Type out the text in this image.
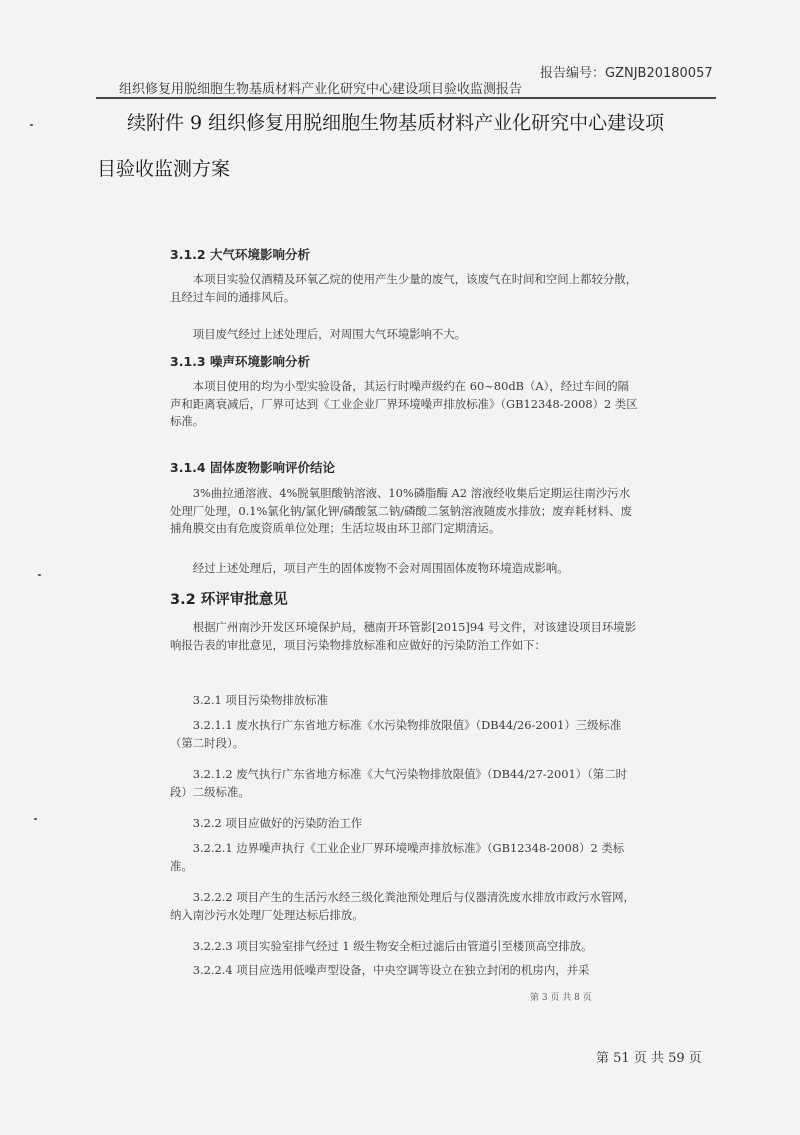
报告编号：GZNJB20180057
组织修复用脱细胞生物基质材料产业化研究中心建设项目验收监测报告
续附件 9 组织修复用脱细胞生物基质材料产业化研究中心建设项
目验收监测方案
3.1.2 大气环境影响分析
本项目实验仅酒精及环氧乙烷的使用产生少量的废气，该废气在时间和空间上都较分散，且经过车间的通排风后。
项目废气经过上述处理后，对周围大气环境影响不大。
3.1.3 噪声环境影响分析
本项目使用的均为小型实验设备，其运行时噪声级约在 60~80dB（A），经过车间的隔声和距离衰减后，厂界可达到《工业企业厂界环境噪声排放标准》（GB12348-2008）2 类区标准。
3.1.4 固体废物影响评价结论
3%曲拉通溶液、4%脱氧胆酸钠溶液、10%磷脂酶 A2 溶液经收集后定期运往南沙污水处理厂处理，0.1%氯化钠/氯化钾/磷酸氢二钠/磷酸二氢钠溶液随废水排放；废弃耗材料、废捕角膜交由有危废资质单位处理；生活垃圾由环卫部门定期清运。
经过上述处理后，项目产生的固体废物不会对周围固体废物环境造成影响。
3.2 环评审批意见
根据广州南沙开发区环境保护局，穗南开环管影[2015]94 号文件，对该建设项目环境影响报告表的审批意见，项目污染物排放标准和应做好的污染防治工作如下：
3.2.1 项目污染物排放标准
3.2.1.1 废水执行广东省地方标准《水污染物排放限值》（DB44/26-2001）三级标准（第二时段）。
3.2.1.2 废气执行广东省地方标准《大气污染物排放限值》（DB44/27-2001）（第二时段）二级标准。
3.2.2 项目应做好的污染防治工作
3.2.2.1 边界噪声执行《工业企业厂界环境噪声排放标准》（GB12348-2008）2 类标准。
3.2.2.2 项目产生的生活污水经三级化粪池预处理后与仪器清洗废水排放市政污水管网，纳入南沙污水处理厂处理达标后排放。
3.2.2.3 项目实验室排气经过 1 级生物安全柜过滤后由管道引至楼顶高空排放。
3.2.2.4 项目应选用低噪声型设备，中央空调等设立在独立封闭的机房内，并采
第 3 页 共 8 页
第 51 页 共 59 页
